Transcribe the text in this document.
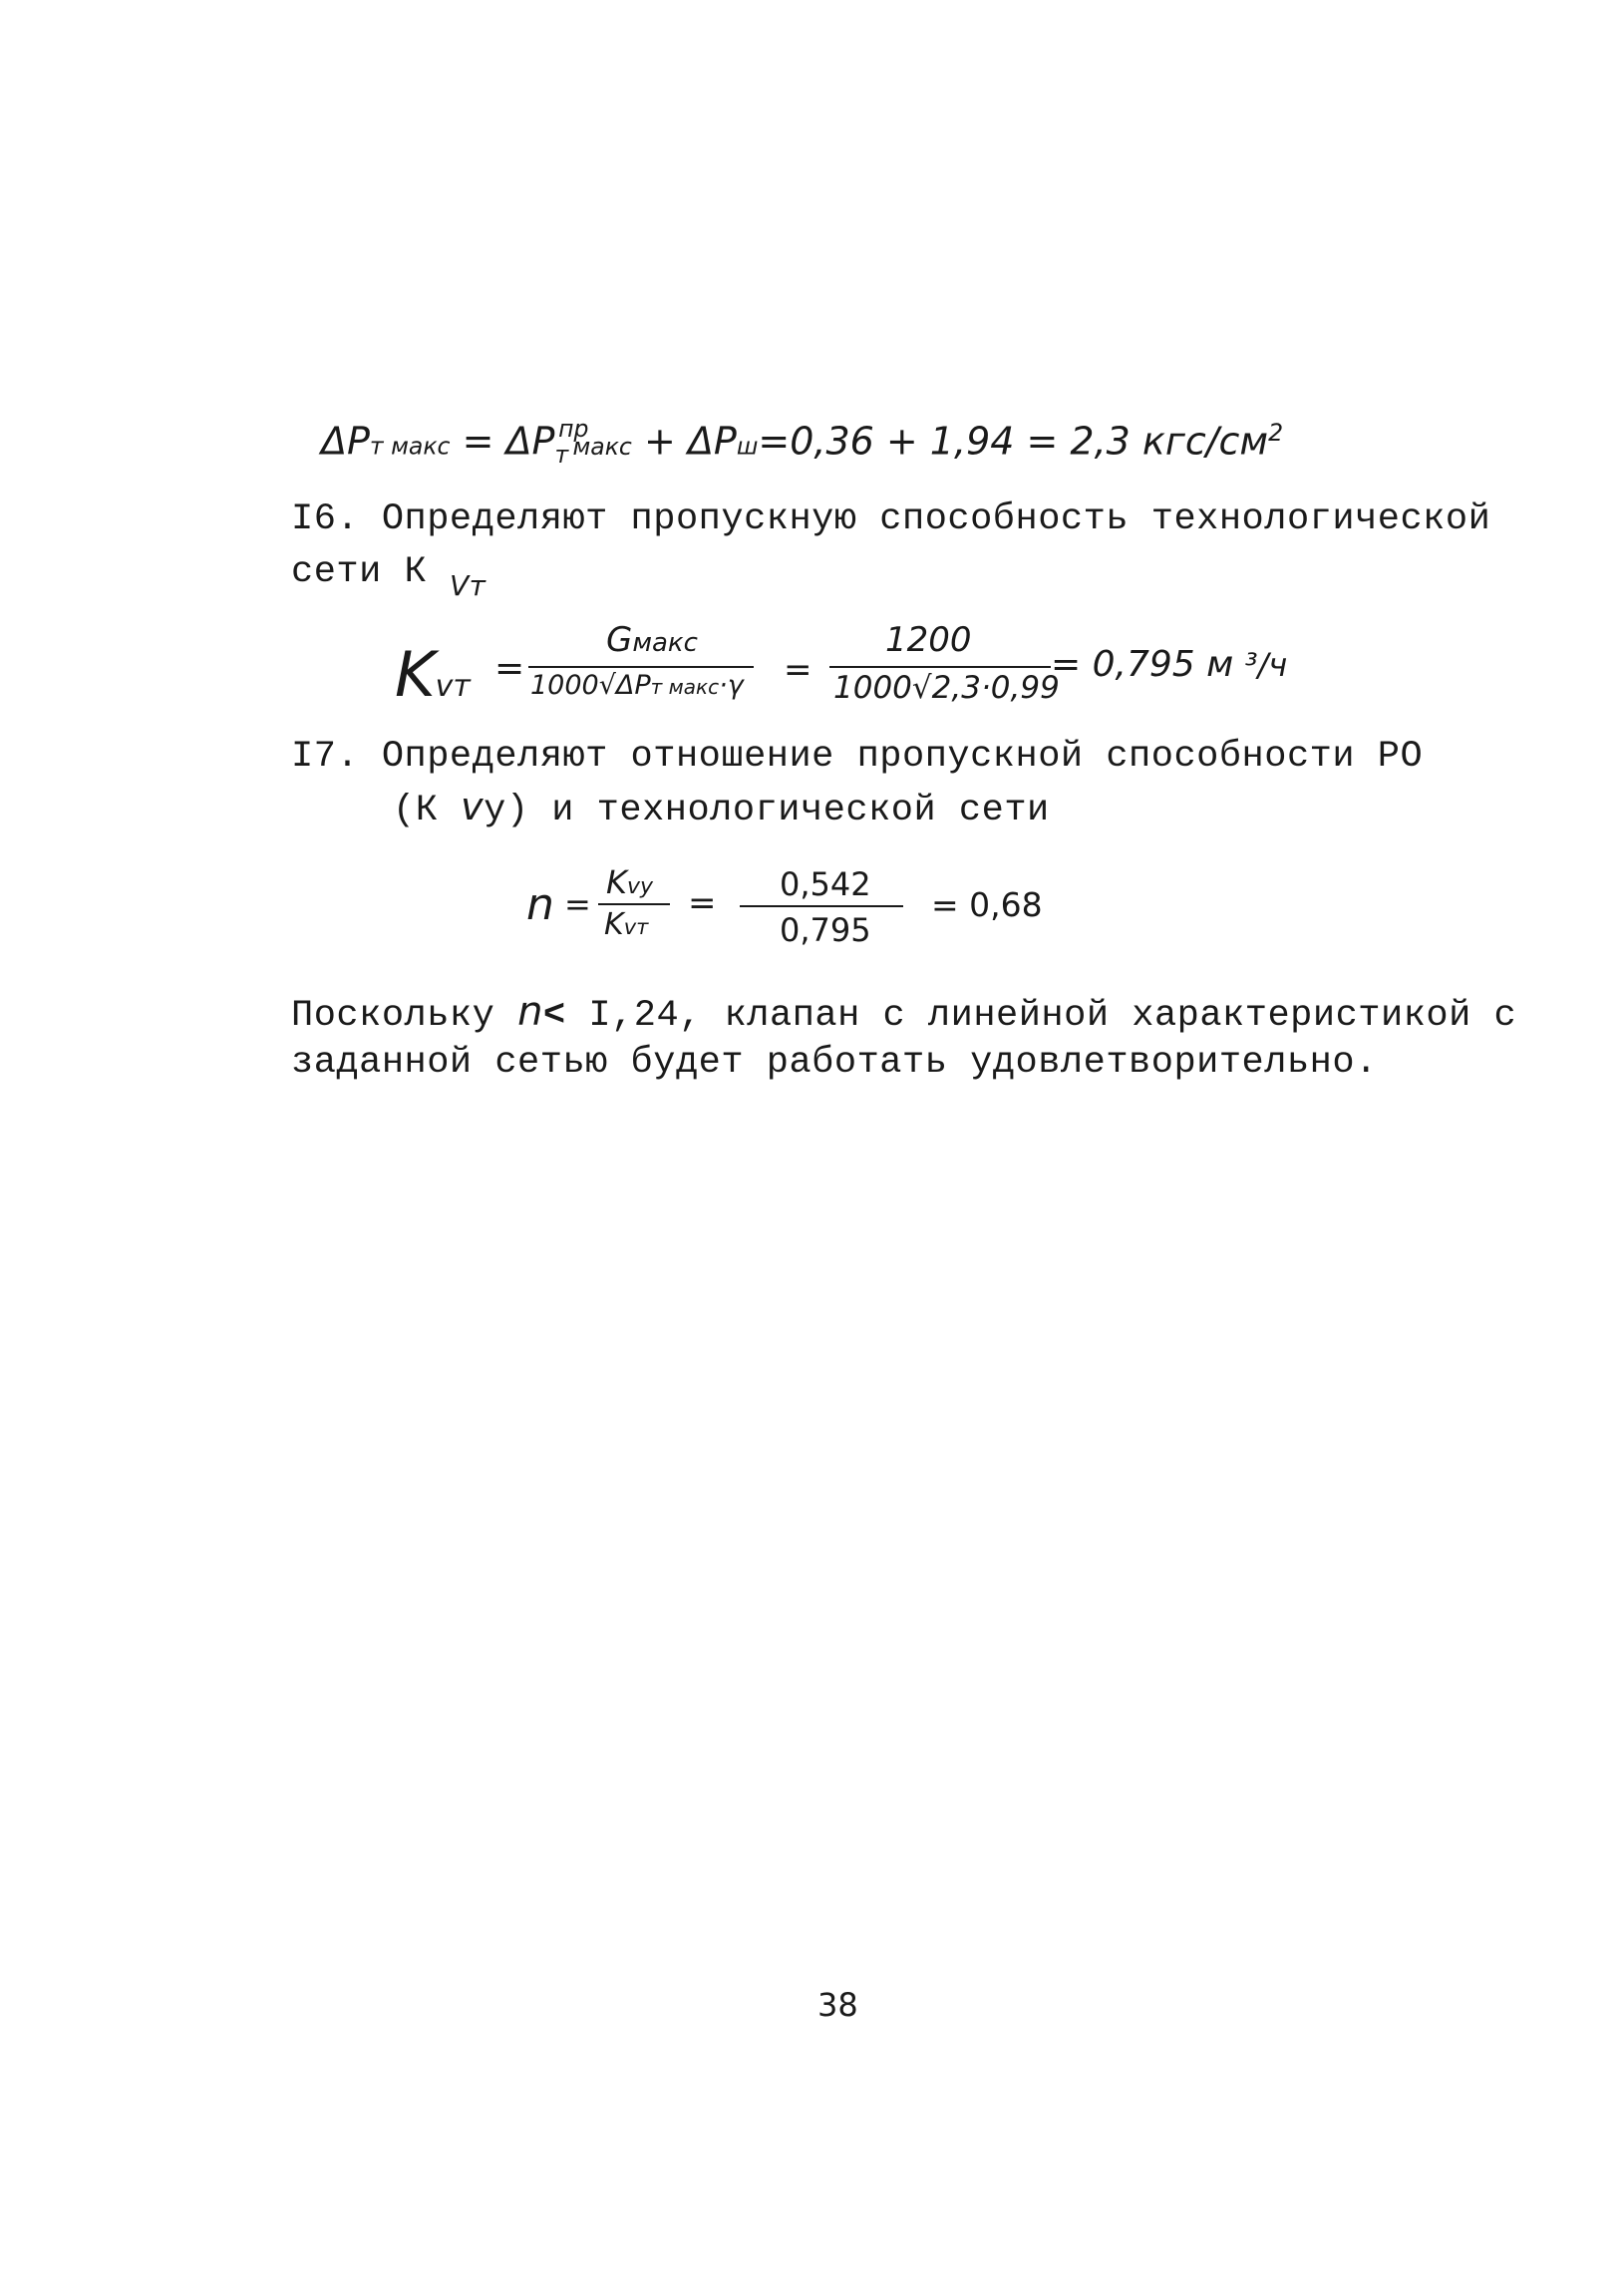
ΔPт макс = $\Delta P_т^{пр}макс + \Delta Pш=0,36 + 1,94 = 2,3$ кгс/$см^2$
I6. Определяют пропускную способность технологической
сети К $_{Vт}$
Kvт =
Gмакс
1000√ΔPт макс·γ =
1200
1000√2,3·0,99
= 0,795 м ³/ч
I7. Определяют отношение пропускной способности РО
(К vу) и технологической сети
n =
Kvy
Kvт
= 0,542
0,795
= 0,68
Поскольку n< I,24, клапан с линейной характеристикой с
заданной сетью будет работать удовлетворительно.
38
